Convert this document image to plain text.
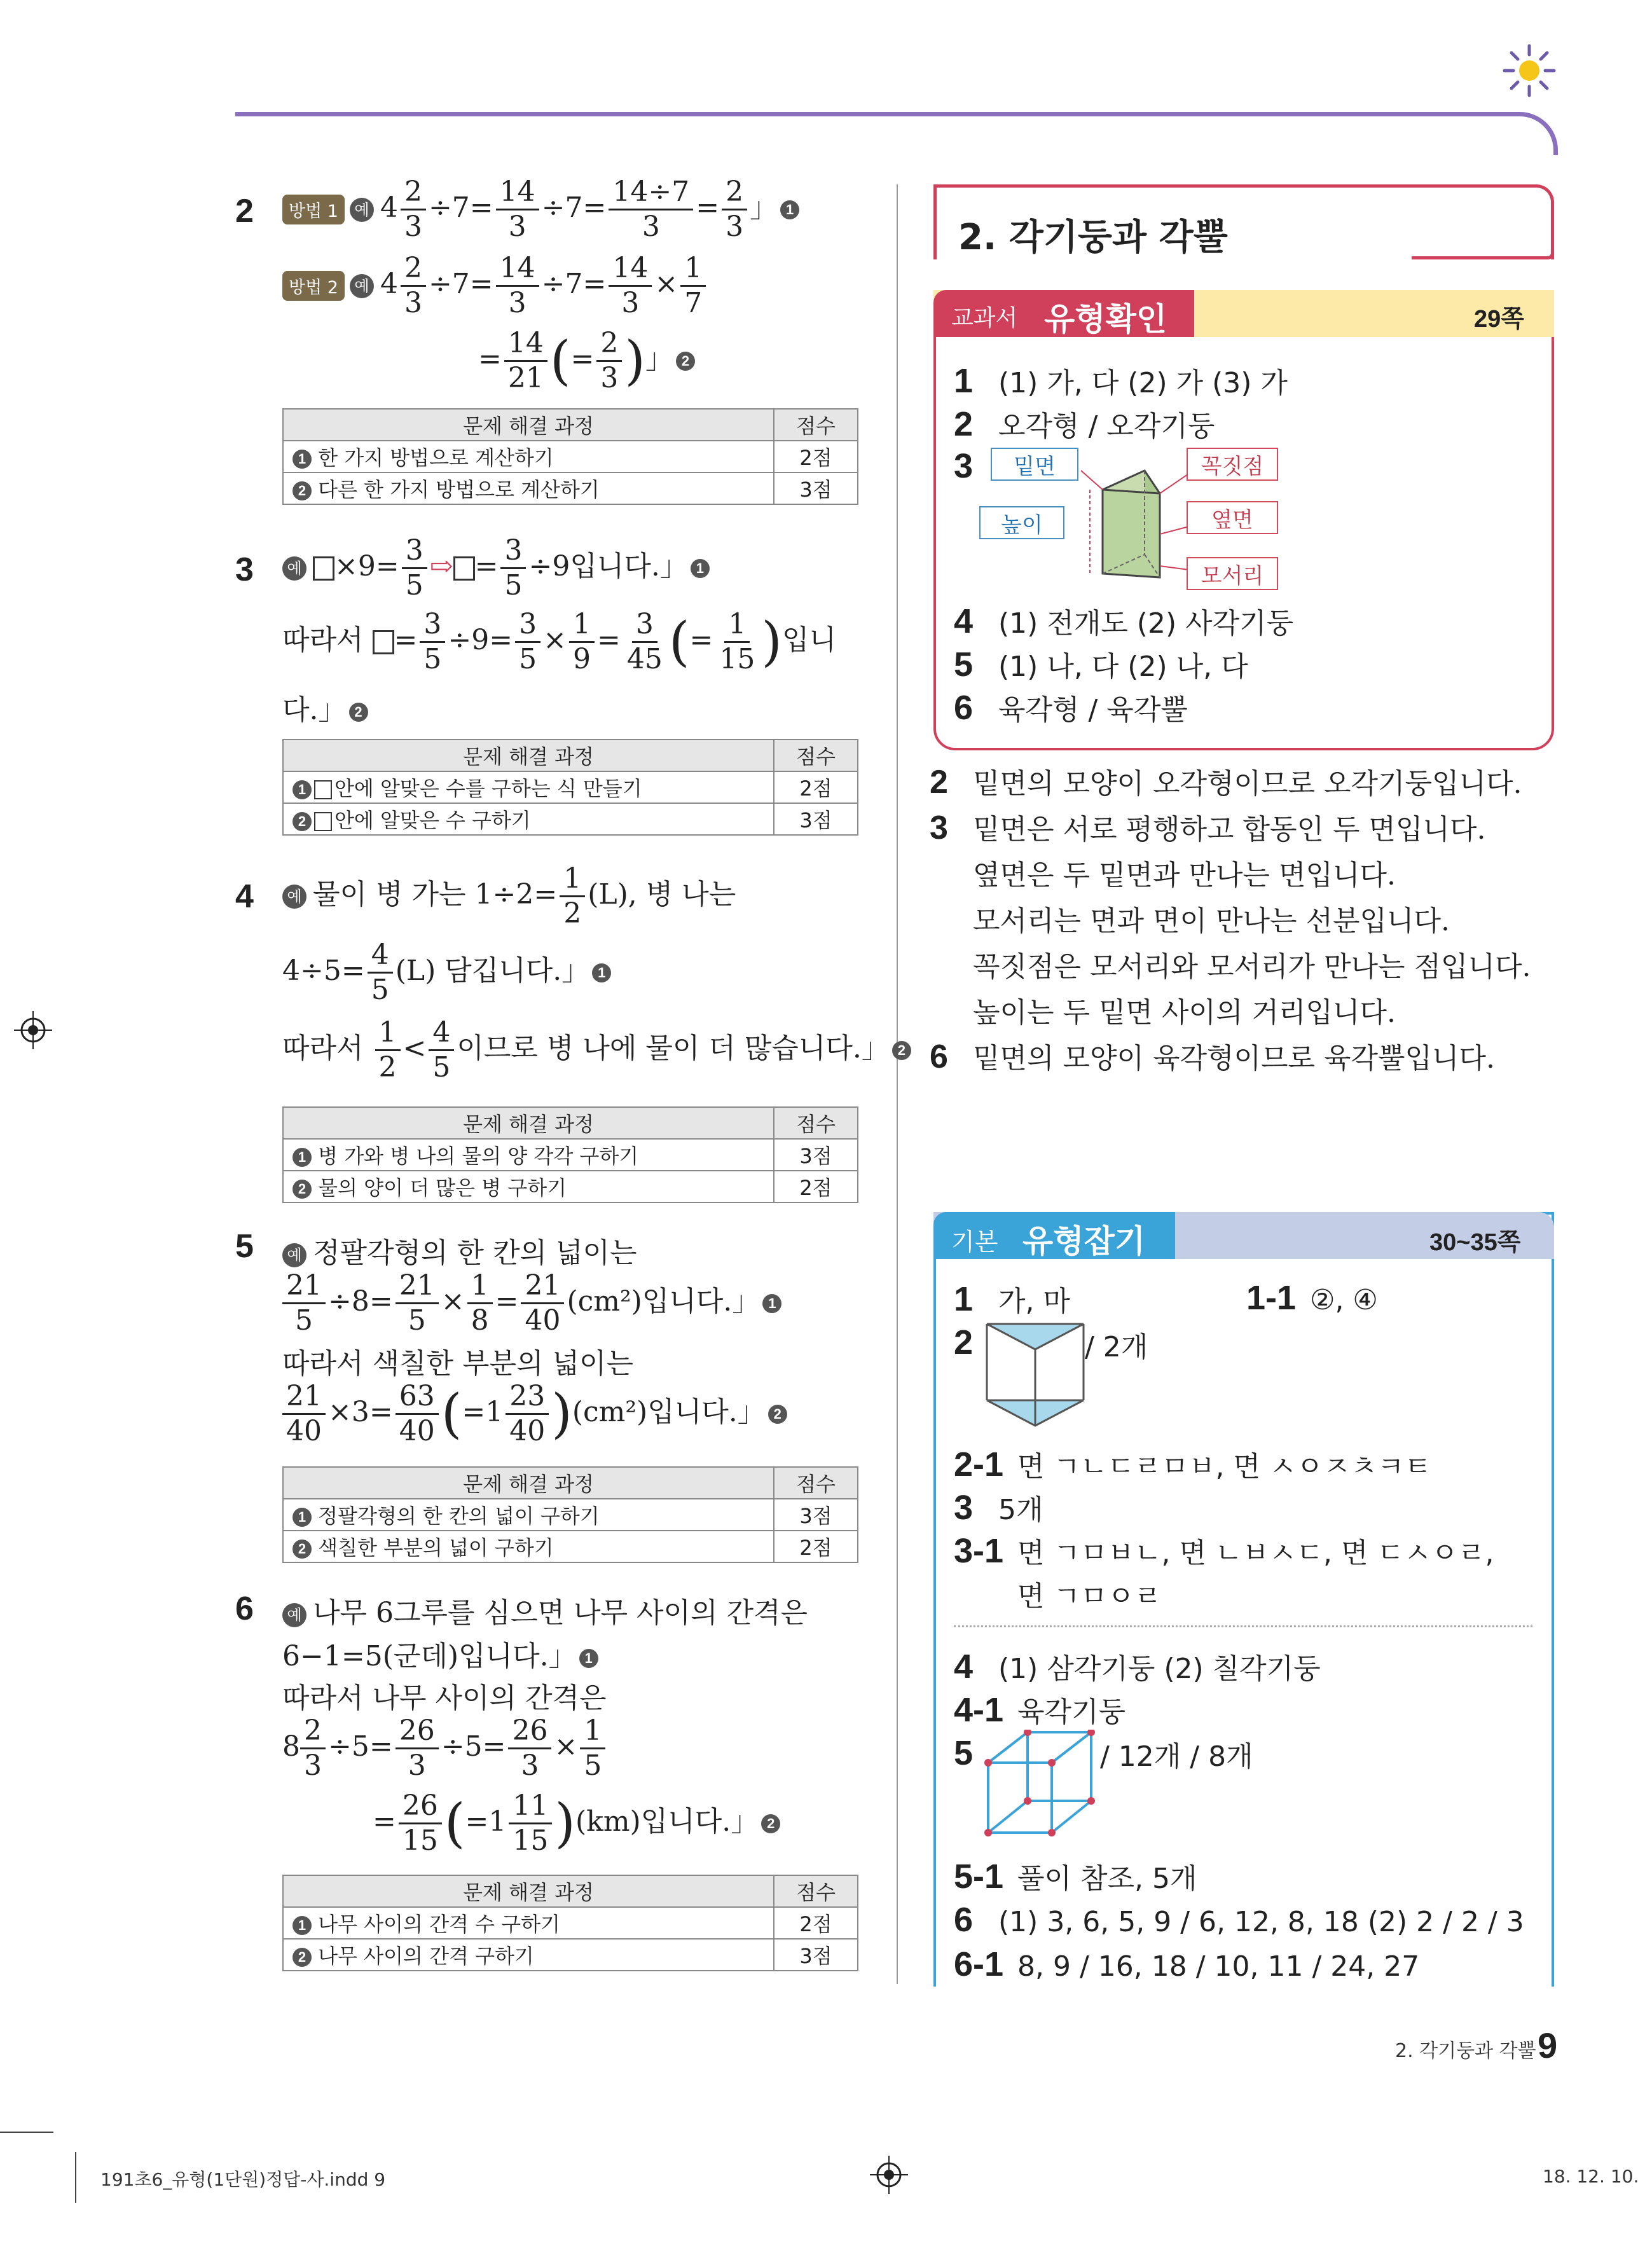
2	방법 1 예 $4 \frac{2}{3} \div 7= \frac{14}{3} \div 7= \frac{14\div 7}{3} = \frac{2}{3}$ 」 1
방법 2 예 $4 \frac{2}{3} \div 7= \frac{14}{3} \div 7= \frac{14}{3} \times \frac{1}{7}$
= $\frac{14}{21}$ (= $\frac{2}{3}$ )」 2
문제 해결 과정	점수
1 한 가지 방법으로 계산하기	2점
2 다른 한 가지 방법으로 계산하기	3점
3	예 $\times 9= \frac{3}{5}$ ⇨ = $\frac{3}{5} \div 9$입니다.」 1
따라서 = $\frac{3}{5} \div 9= \frac{3}{5} \times \frac{1}{9} = \frac{3}{45}$ (= $\frac{1}{15}$ )입니
다.」 2
문제 해결 과정	점수
1 안에 알맞은 수를 구하는 식 만들기	2점
2 안에 알맞은 수 구하기	3점
4	예 물이 병 가는 $1\div 2= \frac{1}{2} (L)$, 병 나는
$4\div 5= \frac{4}{5} (L)$ 담깁니다.」 1
따라서 $\frac{1}{2} < \frac{4}{5}$ 이므로 병 나에 물이 더 많습니다.」 2
문제 해결 과정	점수
1 병 가와 병 나의 물의 양 각각 구하기	3점
2 물의 양이 더 많은 병 구하기	2점
5	예 정팔각형의 한 칸의 넓이는
$\frac{21}{5} \div 8= \frac{21}{5} \times \frac{1}{8} = \frac{21}{40} (cm^2)$입니다.」 1
따라서 색칠한 부분의 넓이는
$\frac{21}{40} \times 3= \frac{63}{40} (=1 \frac{23}{40} )(cm^2)$입니다.」 2
문제 해결 과정	점수
1 정팔각형의 한 칸의 넓이 구하기	3점
2 색칠한 부분의 넓이 구하기	2점
6	예 나무 6그루를 심으면 나무 사이의 간격은
6−1=5(군데)입니다.」 1
따라서 나무 사이의 간격은
$8 \frac{2}{3} \div 5= \frac{26}{3} \div 5= \frac{26}{3} \times \frac{1}{5}$
= $\frac{26}{15} (=1 \frac{11}{15} )(km)$입니다.」 2
문제 해결 과정	점수
1 나무 사이의 간격 수 구하기	2점
2 나무 사이의 간격 구하기	3점
2. 각기둥과 각뿔
교과서 유형확인	29쪽
1 (1) 가, 다 (2) 가 (3) 가
2 오각형 / 오각기둥
3	밑면	꼭짓점
높이	옆면
모서리
4 (1) 전개도 (2) 사각기둥
5 (1) 나, 다 (2) 나, 다
6 육각형 / 육각뿔
2 밑면의 모양이 오각형이므로 오각기둥입니다.
3 밑면은 서로 평행하고 합동인 두 면입니다.
옆면은 두 밑면과 만나는 면입니다.
모서리는 면과 면이 만나는 선분입니다.
꼭짓점은 모서리와 모서리가 만나는 점입니다.
높이는 두 밑면 사이의 거리입니다.
6 밑면의 모양이 육각형이므로 육각뿔입니다.
기본 유형잡기	30~35쪽
1 가, 마	1-1 ②, ④
2	/ 2개
2-1 면 ㄱㄴㄷㄹㅁㅂ, 면 ㅅㅇㅈㅊㅋㅌ
3 5개
3-1 면 ㄱㅁㅂㄴ, 면 ㄴㅂㅅㄷ, 면 ㄷㅅㅇㄹ,
면 ㄱㅁㅇㄹ
4 (1) 삼각기둥 (2) 칠각기둥
4-1 육각기둥
5	/ 12개 / 8개
5-1 풀이 참조, 5개
6 (1) 3, 6, 5, 9 / 6, 12, 8, 18 (2) 2 / 2 / 3
6-1 8, 9 / 16, 18 / 10, 11 / 24, 27
2. 각기둥과 각뿔 9
191초6_유형(1단원)정답-사.indd 9	18. 12. 10.
